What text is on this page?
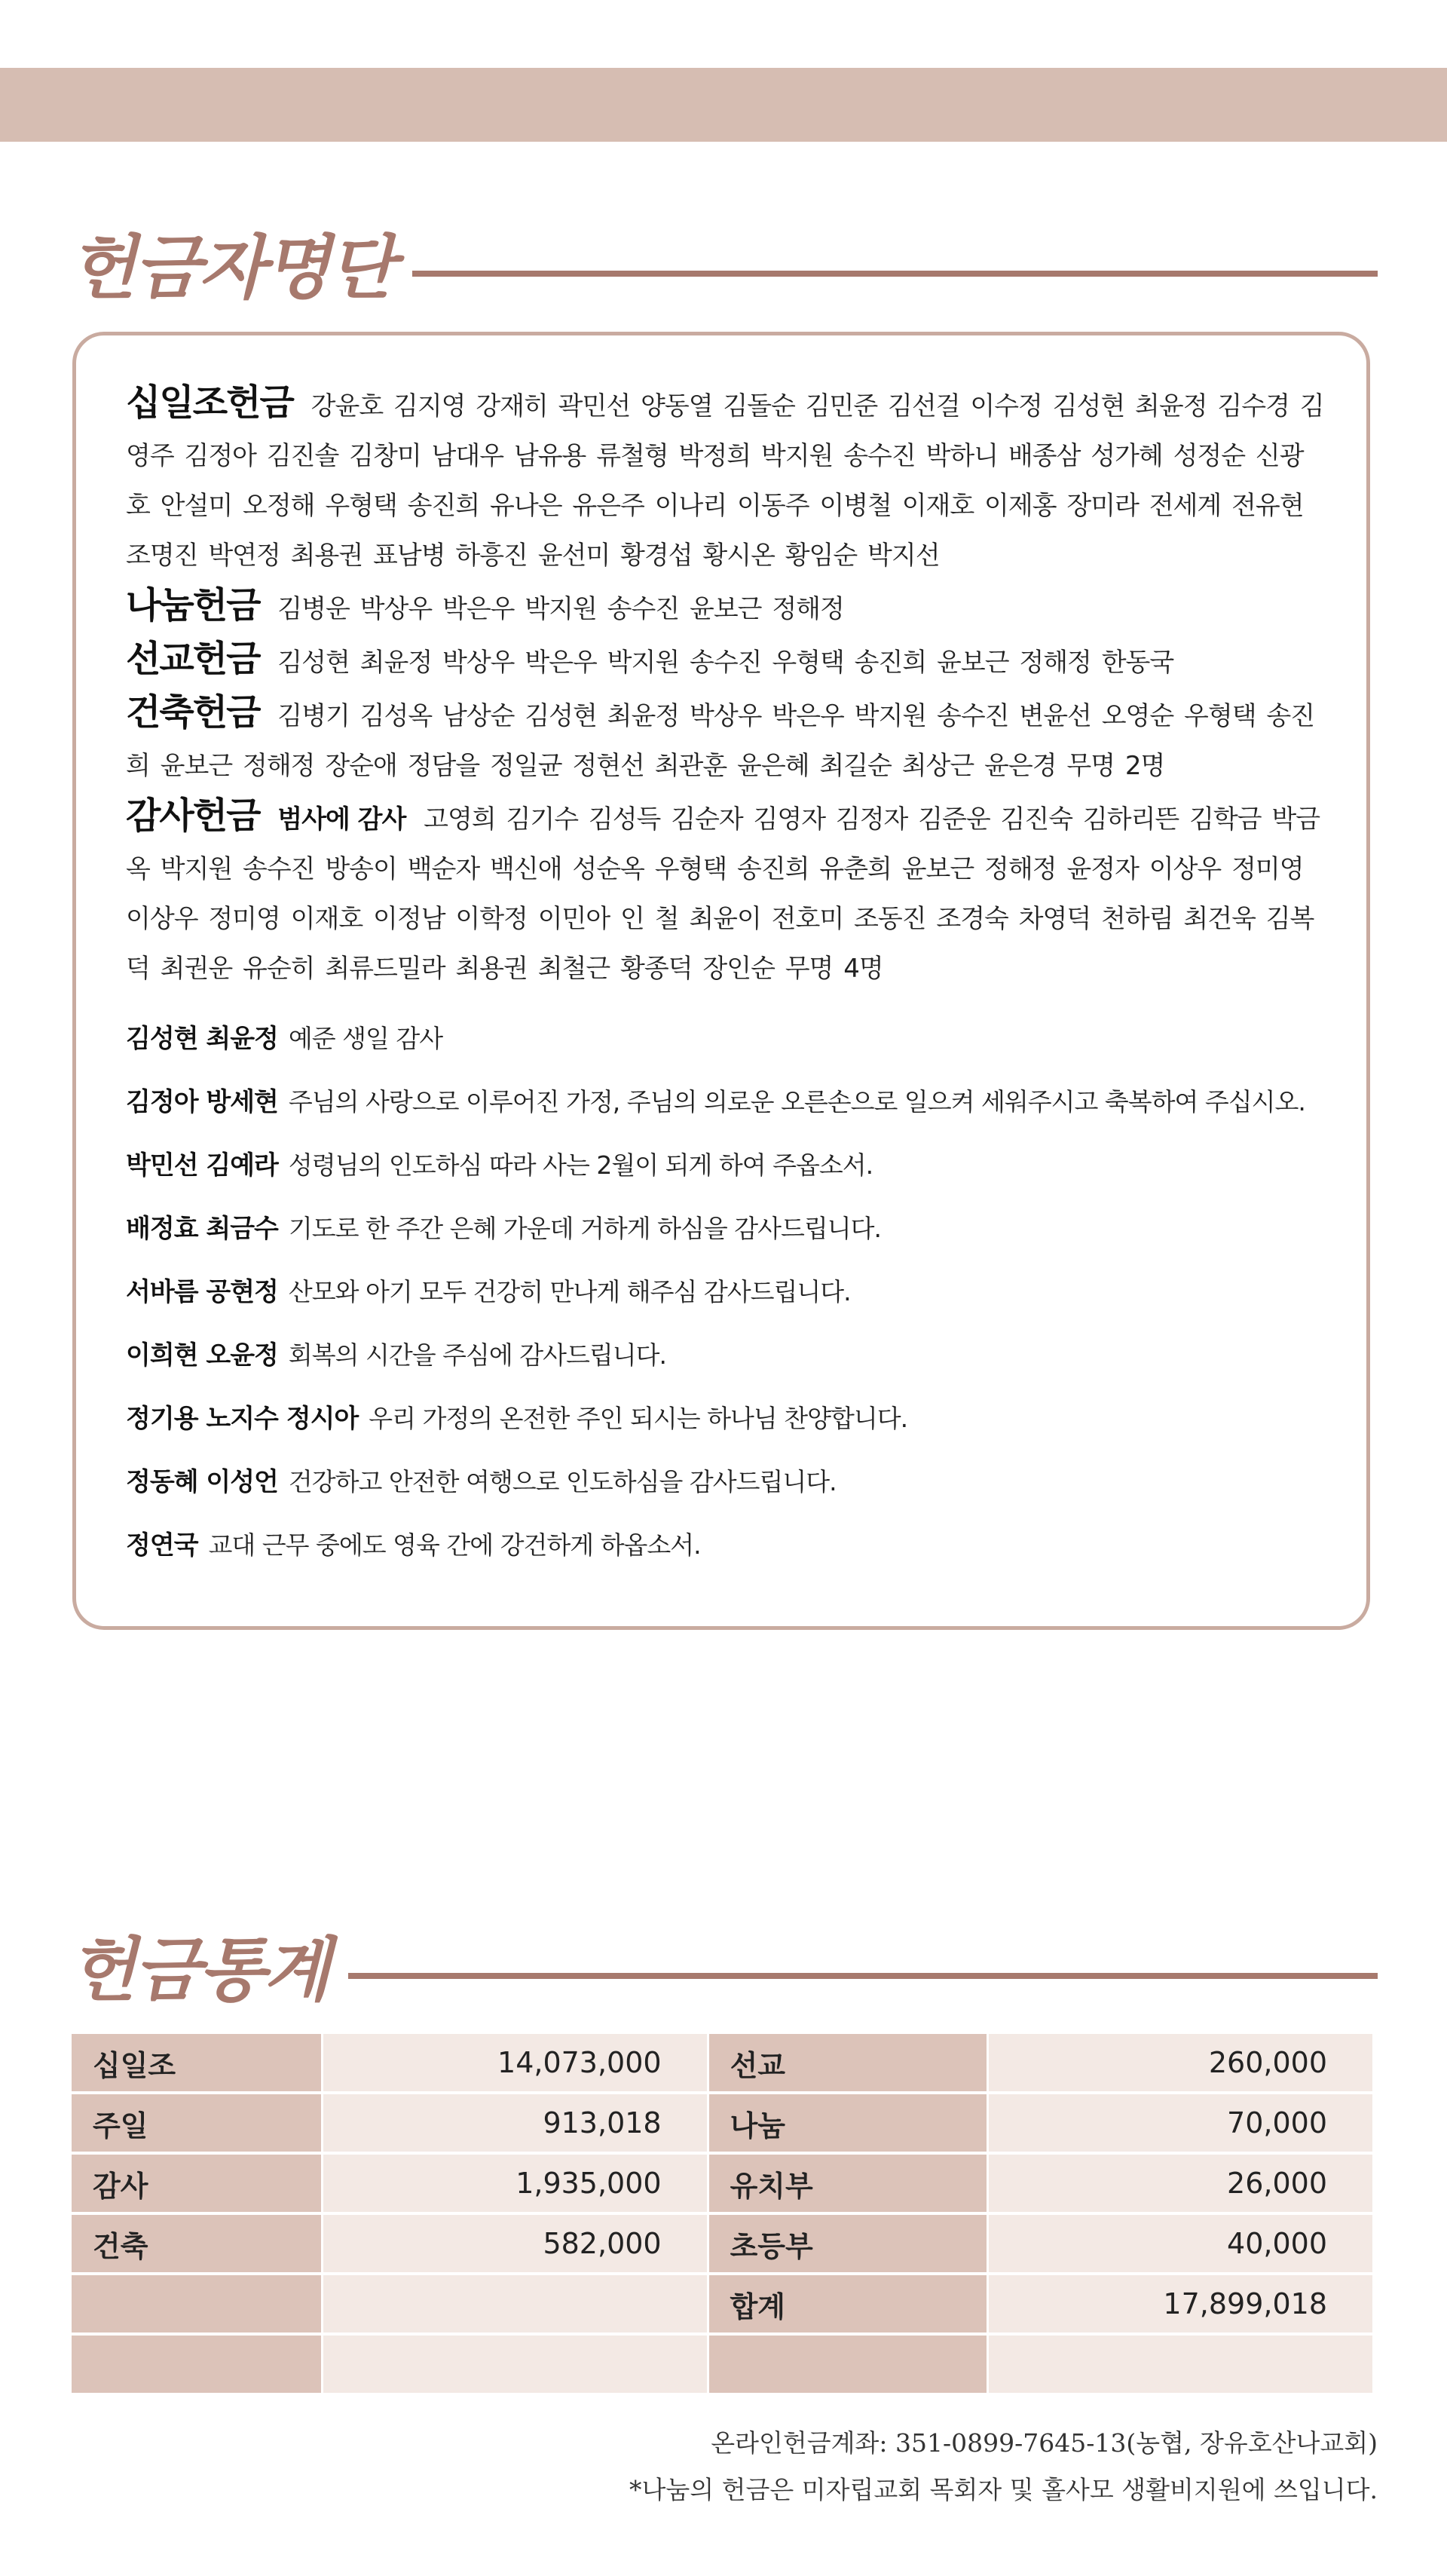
헌금자명단

십일조헌금 강윤호 김지영 강재히 곽민선 양동열 김돌순 김민준 김선걸 이수정 김성현 최윤정 김수경 김영주 김정아 김진솔 김창미 남대우 남유용 류철형 박정희 박지원 송수진 박하니 배종삼 성가혜 성정순 신광호 안설미 오정해 우형택 송진희 유나은 유은주 이나리 이동주 이병철 이재호 이제홍 장미라 전세계 전유현 조명진 박연정 최용권 표남병 하흥진 윤선미 황경섭 황시온 황임순 박지선

나눔헌금 김병운 박상우 박은우 박지원 송수진 윤보근 정해정

선교헌금 김성현 최윤정 박상우 박은우 박지원 송수진 우형택 송진희 윤보근 정해정 한동국

건축헌금 김병기 김성옥 남상순 김성현 최윤정 박상우 박은우 박지원 송수진 변윤선 오영순 우형택 송진희 윤보근 정해정 장순애 정담을 정일균 정현선 최관훈 윤은혜 최길순 최상근 윤은경 무명 2명

감사헌금 범사에 감사 고영희 김기수 김성득 김순자 김영자 김정자 김준운 김진숙 김하리뜬 김학금 박금옥 박지원 송수진 방송이 백순자 백신애 성순옥 우형택 송진희 유춘희 윤보근 정해정 윤정자 이상우 정미영 이상우 정미영 이재호 이정남 이학정 이민아 인 철 최윤이 전호미 조동진 조경숙 차영덕 천하림 최건욱 김복덕 최권운 유순히 최류드밀라 최용권 최철근 황종덕 장인순 무명 4명

김성현 최윤정 예준 생일 감사

김정아 방세현 주님의 사랑으로 이루어진 가정, 주님의 의로운 오른손으로 일으켜 세워주시고 축복하여 주십시오.

박민선 김예라 성령님의 인도하심 따라 사는 2월이 되게 하여 주옵소서.

배정효 최금수 기도로 한 주간 은혜 가운데 거하게 하심을 감사드립니다.

서바름 공현정 산모와 아기 모두 건강히 만나게 해주심 감사드립니다.

이희현 오윤정 회복의 시간을 주심에 감사드립니다.

정기용 노지수 정시아 우리 가정의 온전한 주인 되시는 하나님 찬양합니다.

정동혜 이성언 건강하고 안전한 여행으로 인도하심을 감사드립니다.

정연국 교대 근무 중에도 영육 간에 강건하게 하옵소서.

헌금통계
십일조	14,073,000	선교	260,000
주일	913,018	나눔	70,000
감사	1,935,000	유치부	26,000
건축	582,000	초등부	40,000
		합계	17,899,018

온라인헌금계좌: 351-0899-7645-13(농협, 장유호산나교회)
*나눔의 헌금은 미자립교회 목회자 및 홀사모 생활비지원에 쓰입니다.
